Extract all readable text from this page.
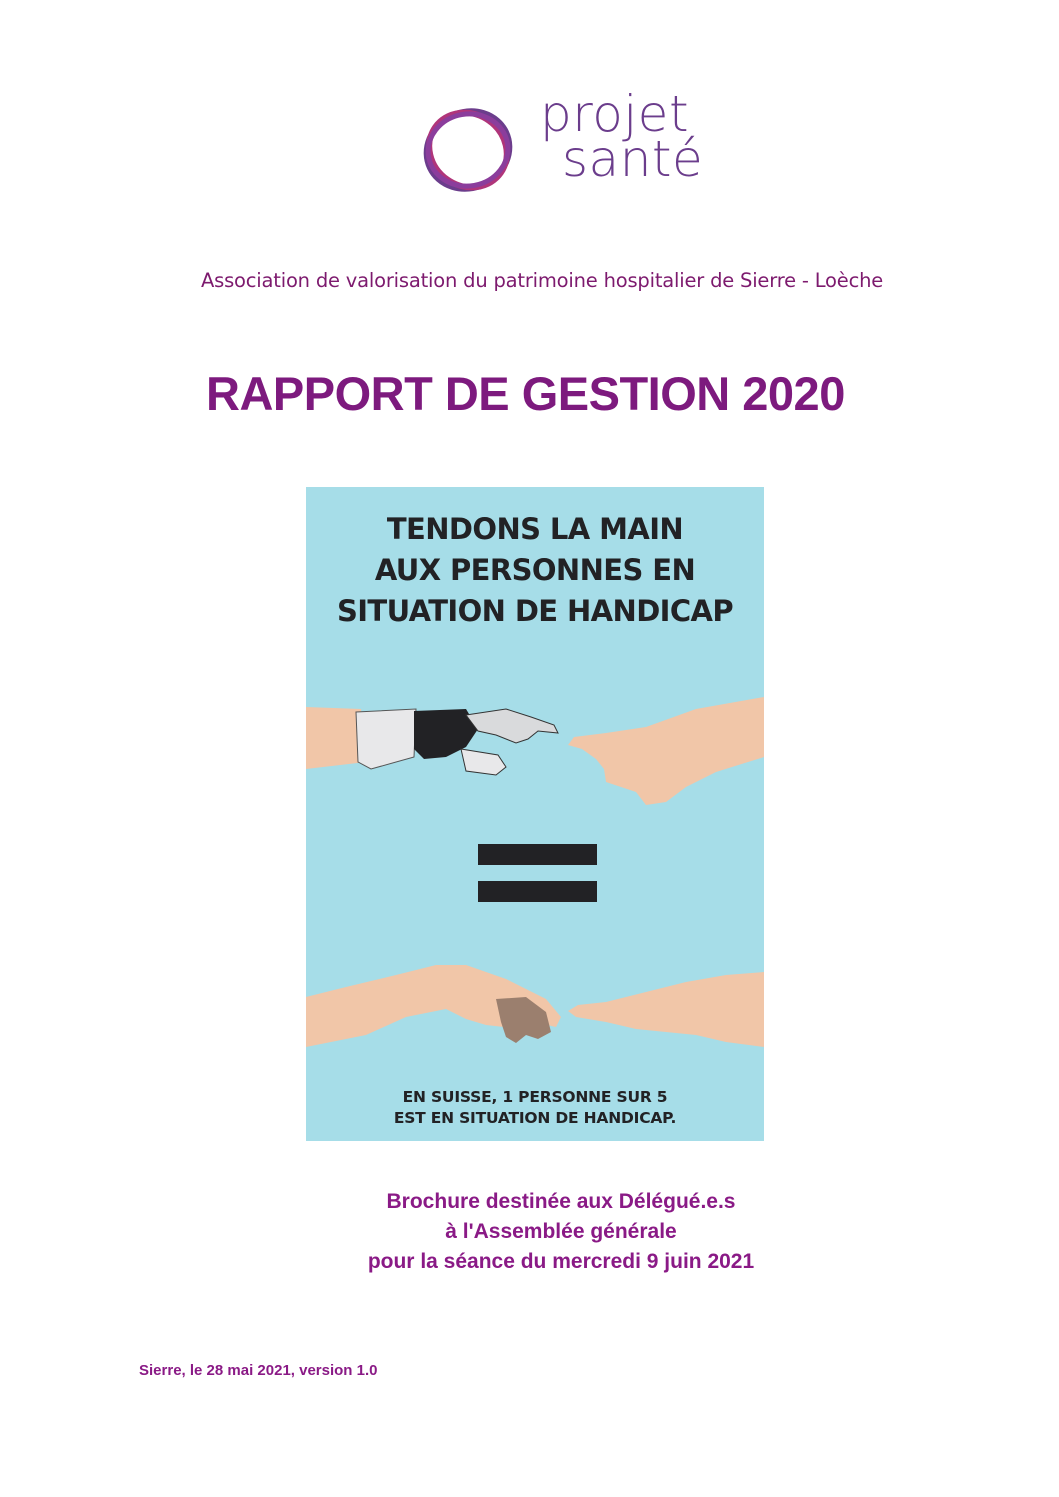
projet
santé
Association de valorisation du patrimoine hospitalier de Sierre - Loèche
RAPPORT DE GESTION 2020
TENDONS LA MAIN
AUX PERSONNES EN
SITUATION DE HANDICAP
EN SUISSE, 1 PERSONNE SUR 5
EST EN SITUATION DE HANDICAP.
Brochure destinée aux Délégué.e.s
à l'Assemblée générale
pour la séance du mercredi 9 juin 2021
Sierre, le 28 mai 2021, version 1.0
